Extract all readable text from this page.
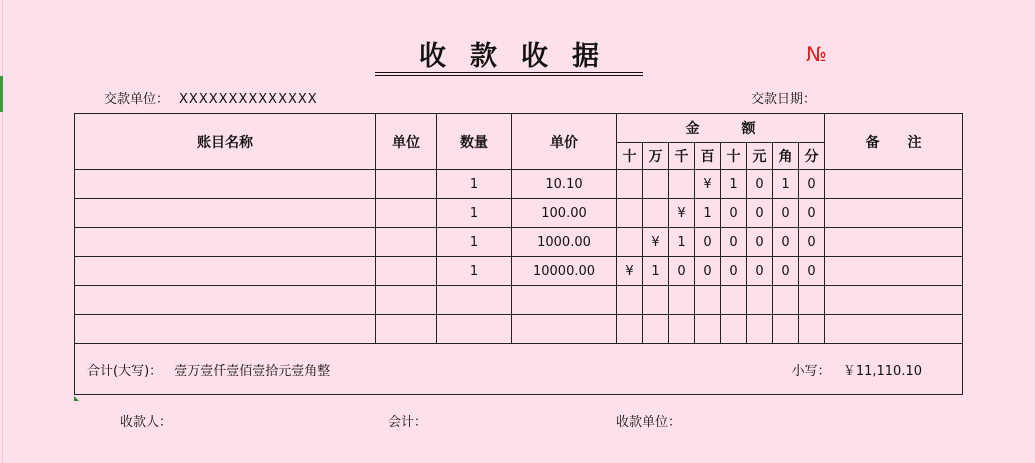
收款收据	№
交款单位： XXXXXXXXXXXXXX	交款日期：
账目名称	单位	数量	单价	金　　　额								备　　注
				十	万	千	百	十	元	角	分	
		1	10.10				¥	1	0	1	0	
		1	100.00			¥	1	0	0	0	0	
		1	1000.00		¥	1	0	0	0	0	0	
		1	10000.00	¥	1	0	0	0	0	0	0	

合计(大写)： 壹万壹仟壹佰壹拾元壹角整 小写： ￥11,110.10												
收款人：	会计：	收款单位：
